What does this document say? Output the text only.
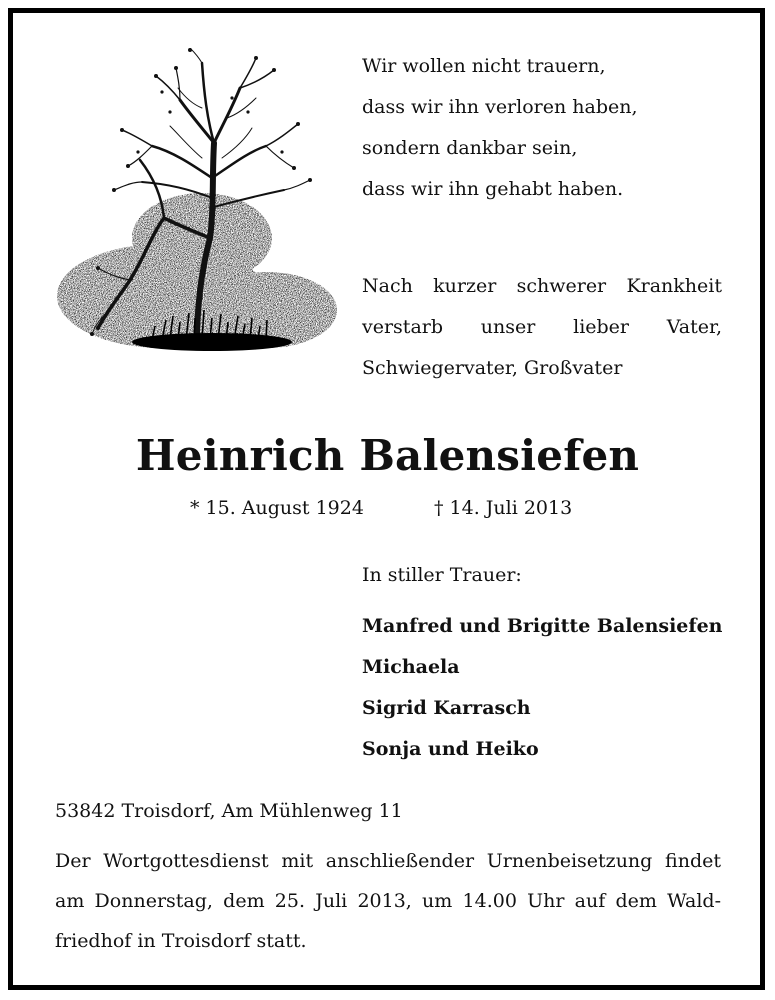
Wir wollen nicht trauern,
dass wir ihn verloren haben,
sondern dankbar sein,
dass wir ihn gehabt haben.
Nach kurzer schwerer Krankheit
verstarb unser lieber Vater,
Schwiegervater, Großvater
Heinrich Balensiefen
* 15. August 1924	† 14. Juli 2013
In stiller Trauer:
Manfred und Brigitte Balensiefen
Michaela
Sigrid Karrasch
Sonja und Heiko
53842 Troisdorf, Am Mühlenweg 11
Der Wortgottesdienst mit anschließender Urnenbeisetzung findet
am Donnerstag, dem 25. Juli 2013, um 14.00 Uhr auf dem Wald-
friedhof in Troisdorf statt.
